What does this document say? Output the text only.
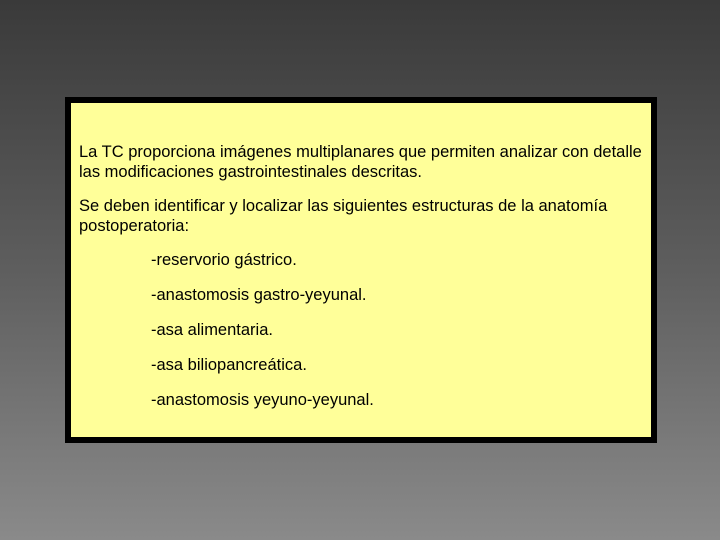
La TC proporciona imágenes multiplanares que permiten analizar con detalle las modificaciones gastrointestinales descritas.

Se deben identificar y localizar las siguientes estructuras de la anatomía postoperatoria:

-reservorio gástrico.
-anastomosis gastro-yeyunal.
-asa alimentaria.
-asa biliopancreática.
-anastomosis yeyuno-yeyunal.
